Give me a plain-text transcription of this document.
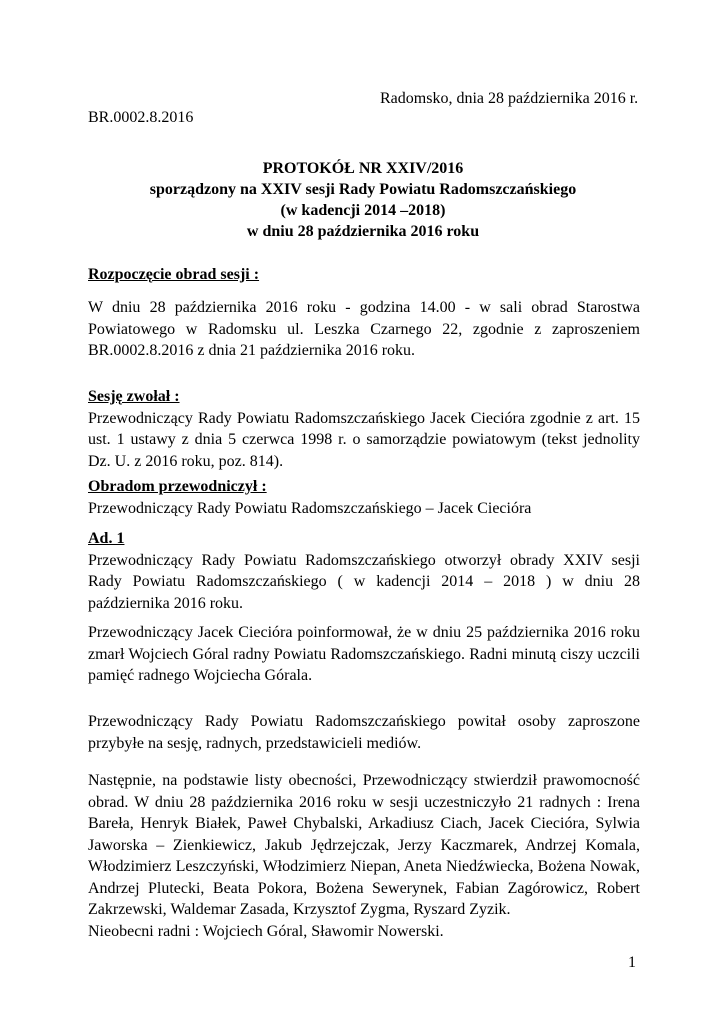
Radomsko, dnia 28 października 2016 r.
BR.0002.8.2016
PROTOKÓŁ NR XXIV/2016
sporządzony na XXIV sesji Rady Powiatu Radomszczańskiego
(w kadencji 2014 –2018)
w dniu 28 października 2016 roku
Rozpoczęcie obrad sesji :

W dniu 28 października 2016 roku - godzina 14.00 - w sali obrad Starostwa Powiatowego w Radomsku ul. Leszka Czarnego 22, zgodnie z zaproszeniem BR.0002.8.2016 z dnia 21 października 2016 roku.

Sesję zwołał :

Przewodniczący Rady Powiatu Radomszczańskiego Jacek Ciecióra zgodnie z art. 15 ust. 1 ustawy z dnia 5 czerwca 1998 r. o samorządzie powiatowym (tekst jednolity Dz. U. z 2016 roku, poz. 814).

Obradom przewodniczył :

Przewodniczący Rady Powiatu Radomszczańskiego – Jacek Ciecióra

Ad. 1

Przewodniczący Rady Powiatu Radomszczańskiego otworzył obrady XXIV sesji Rady Powiatu Radomszczańskiego ( w kadencji 2014 – 2018 ) w dniu 28 października 2016 roku.

Przewodniczący Jacek Ciecióra poinformował, że w dniu 25 października 2016 roku zmarł Wojciech Góral radny Powiatu Radomszczańskiego. Radni minutą ciszy uczcili pamięć radnego Wojciecha Górala.

Przewodniczący Rady Powiatu Radomszczańskiego powitał osoby zaproszone przybyłe na sesję, radnych, przedstawicieli mediów.

Następnie, na podstawie listy obecności, Przewodniczący stwierdził prawomocność obrad. W dniu 28 października 2016 roku w sesji uczestniczyło 21 radnych : Irena Bareła, Henryk Białek, Paweł Chybalski, Arkadiusz Ciach, Jacek Ciecióra, Sylwia Jaworska – Zienkiewicz, Jakub Jędrzejczak, Jerzy Kaczmarek, Andrzej Komala, Włodzimierz Leszczyński, Włodzimierz Niepan, Aneta Niedźwiecka, Bożena Nowak, Andrzej Plutecki, Beata Pokora, Bożena Sewerynek, Fabian Zagórowicz, Robert Zakrzewski, Waldemar Zasada, Krzysztof Zygma, Ryszard Zyzik.

Nieobecni radni : Wojciech Góral, Sławomir Nowerski.

1
